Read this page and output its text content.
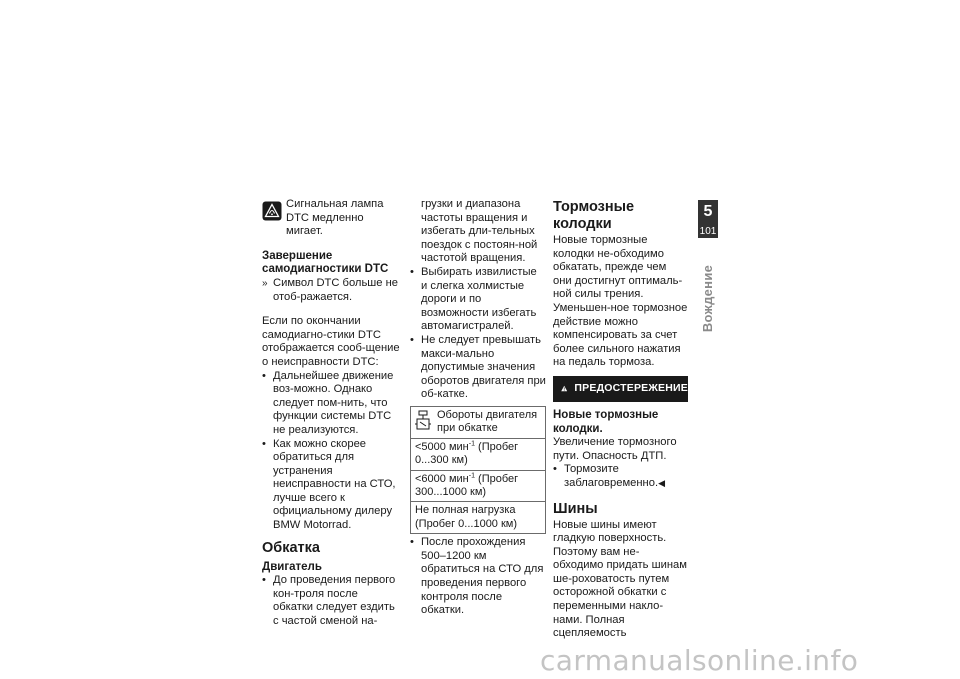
Сигнальная лампа DTC медленно мигает.

Завершение самодиагностики DTC

» Символ DTC больше не отоб-ражается.

Если по окончании самодиагно-стики DTC отображается сооб-щение о неисправности DTC:

• Дальнейшее движение воз-можно. Однако следует пом-нить, что функции системы DTC не реализуются.

• Как можно скорее обратиться для устранения неисправности на СТО, лучше всего к официальному дилеру BMW Motorrad.

Обкатка

Двигатель

• До проведения первого кон-троля после обкатки следует ездить с частой сменой на-

грузки и диапазона частоты вращения и избегать дли-тельных поездок с постоян-ной частотой вращения.

• Выбирать извилистые и слегка холмистые дороги и по возможности избегать автомагистралей.

• Не следует превышать макси-мально допустимые значения оборотов двигателя при об-катке.

Обороты двигателя при обкатке

<5000 мин$^{-1}$ (Пробег 0...300 км)
<6000 мин$^{-1}$ (Пробег 300...1000 км)
Не полная нагрузка (Пробег 0...1000 км)

• После прохождения 500–1200 км обратиться на СТО для проведения первого контроля после обкатки.

Тормозные колодки

Новые тормозные колодки не-обходимо обкатать, прежде чем они достигнут оптималь-ной силы трения. Уменьшен-ное тормозное действие можно компенсировать за счет более сильного нажатия на педаль тормоза.

ПРЕДОСТЕРЕЖЕНИЕ

Новые тормозные колодки.

Увеличение тормозного пути. Опасность ДТП.

• Тормозите заблаговременно.◀

Шины

Новые шины имеют гладкую поверхность. Поэтому вам не-обходимо придать шинам ше-роховатость путем осторожной обкатки с переменными накло-нами. Полная сцепляемость

5
101
Вождение
carmanualsonline.info
